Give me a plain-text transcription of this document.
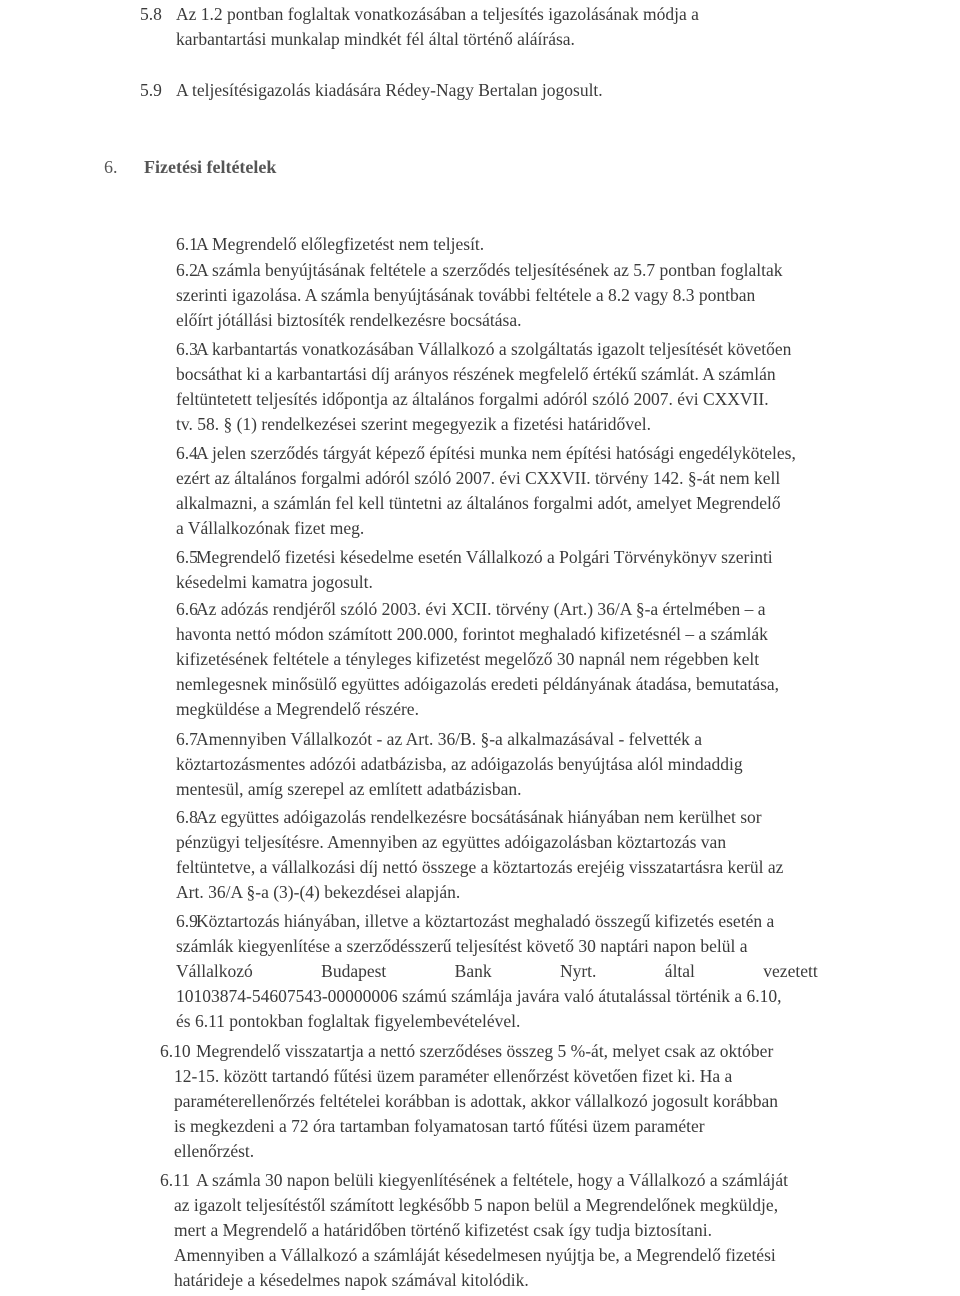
5.8 Az 1.2 pontban foglaltak vonatkozásában a teljesítés igazolásának módja a
karbantartási munkalap mindkét fél által történő aláírása.
5.9 A teljesítésigazolás kiadására Rédey-Nagy Bertalan jogosult.
6. Fizetési feltételek
6.1
A Megrendelő előlegfizetést nem teljesít.
6.2
A számla benyújtásának feltétele a szerződés teljesítésének az 5.7 pontban foglaltak
szerinti igazolása. A számla benyújtásának további feltétele a 8.2 vagy 8.3 pontban
előírt jótállási biztosíték rendelkezésre bocsátása.
6.3
A karbantartás vonatkozásában Vállalkozó a szolgáltatás igazolt teljesítését követően
bocsáthat ki a karbantartási díj arányos részének megfelelő értékű számlát. A számlán
feltüntetett teljesítés időpontja az általános forgalmi adóról szóló 2007. évi CXXVII.
tv. 58. § (1) rendelkezései szerint megegyezik a fizetési határidővel.
6.4
A jelen szerződés tárgyát képező építési munka nem építési hatósági engedélyköteles,
ezért az általános forgalmi adóról szóló 2007. évi CXXVII. törvény 142. §-át nem kell
alkalmazni, a számlán fel kell tüntetni az általános forgalmi adót, amelyet Megrendelő
a Vállalkozónak fizet meg.
6.5
Megrendelő fizetési késedelme esetén Vállalkozó a Polgári Törvénykönyv szerinti
késedelmi kamatra jogosult.
6.6
Az adózás rendjéről szóló 2003. évi XCII. törvény (Art.) 36/A §-a értelmében – a
havonta nettó módon számított 200.000, forintot meghaladó kifizetésnél – a számlák
kifizetésének feltétele a tényleges kifizetést megelőző 30 napnál nem régebben kelt
nemlegesnek minősülő együttes adóigazolás eredeti példányának átadása, bemutatása,
megküldése a Megrendelő részére.
6.7
Amennyiben Vállalkozót - az Art. 36/B. §-a alkalmazásával - felvették a
köztartozásmentes adózói adatbázisba, az adóigazolás benyújtása alól mindaddig
mentesül, amíg szerepel az említett adatbázisban.
6.8
Az együttes adóigazolás rendelkezésre bocsátásának hiányában nem kerülhet sor
pénzügyi teljesítésre. Amennyiben az együttes adóigazolásban köztartozás van
feltüntetve, a vállalkozási díj nettó összege a köztartozás erejéig visszatartásra kerül az
Art. 36/A §-a (3)-(4) bekezdései alapján.
6.9
Köztartozás hiányában, illetve a köztartozást meghaladó összegű kifizetés esetén a
számlák kiegyenlítése a szerződésszerű teljesítést követő 30 naptári napon belül a
Vállalkozó Budapest Bank Nyrt. által vezetett
10103874-54607543-00000006 számú számlája javára való átutalással történik a 6.10,
és 6.11 pontokban foglaltak figyelembevételével.
6.10 Megrendelő visszatartja a nettó szerződéses összeg 5 %-át, melyet csak az október
12-15. között tartandó fűtési üzem paraméter ellenőrzést követően fizet ki. Ha a
paraméterellenőrzés feltételei korábban is adottak, akkor vállalkozó jogosult korábban
is megkezdeni a 72 óra tartamban folyamatosan tartó fűtési üzem paraméter
ellenőrzést.
6.11 A számla 30 napon belüli kiegyenlítésének a feltétele, hogy a Vállalkozó a számláját
az igazolt teljesítéstől számított legkésőbb 5 napon belül a Megrendelőnek megküldje,
mert a Megrendelő a határidőben történő kifizetést csak így tudja biztosítani.
Amennyiben a Vállalkozó a számláját késedelmesen nyújtja be, a Megrendelő fizetési
határideje a késedelmes napok számával kitolódik.
